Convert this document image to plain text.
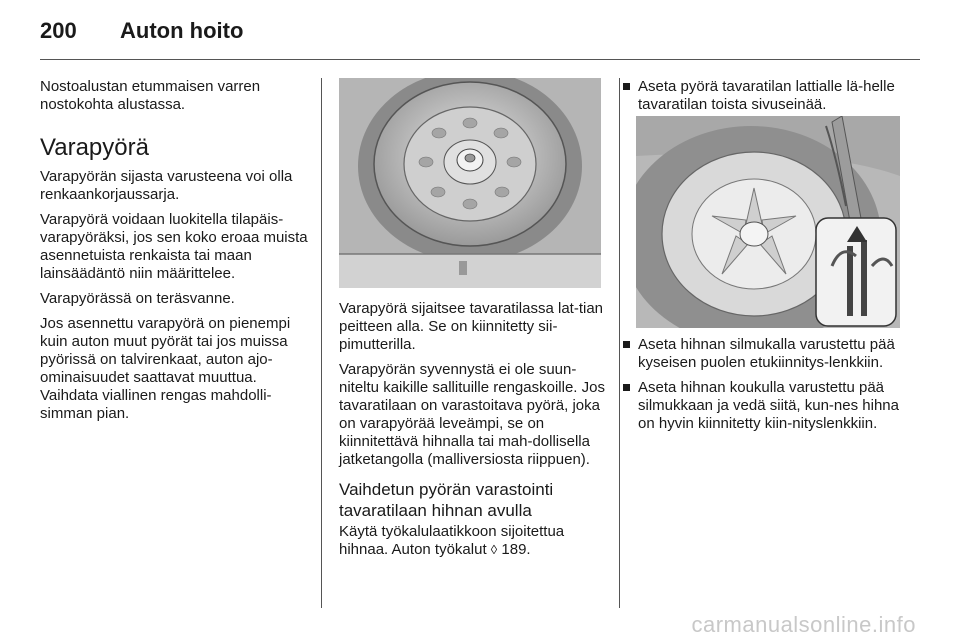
200	Auton hoito

Nostoalustan etummaisen varren nostokohta alustassa.

Varapyörä

Varapyörän sijasta varusteena voi olla renkaankorjaussarja.

Varapyörä voidaan luokitella tilapäis-varapyöräksi, jos sen koko eroaa muista asennetuista renkaista tai maan lainsäädäntö niin määrittelee.

Varapyörässä on teräsvanne.

Jos asennettu varapyörä on pienempi kuin auton muut pyörät tai jos muissa pyörissä on talvirenkaat, auton ajo-ominaisuudet saattavat muuttua. Vaihdata viallinen rengas mahdolli-simman pian.

Varapyörä sijaitsee tavaratilassa lat-tian peitteen alla. Se on kiinnitetty sii-pimutterilla.

Varapyörän syvennystä ei ole suun-niteltu kaikille sallituille rengaskoille. Jos tavaratilaan on varastoitava pyörä, joka on varapyörää leveämpi, se on kiinnitettävä hihnalla tai mah-dollisella jatketangolla (malliversiosta riippuen).

Vaihdetun pyörän varastointi tavaratilaan hihnan avulla

Käytä työkalulaatikkoon sijoitettua hihnaa. Auton työkalut ◊ 189.

Aseta pyörä tavaratilan lattialle lä-helle tavaratilan toista sivuseinää.

Aseta hihnan silmukalla varustettu pää kyseisen puolen etukiinnitys-lenkkiin.

Aseta hihnan koukulla varustettu pää silmukkaan ja vedä siitä, kun-nes hihna on hyvin kiinnitetty kiin-nityslenkkiin.

carmanualsonline.info
